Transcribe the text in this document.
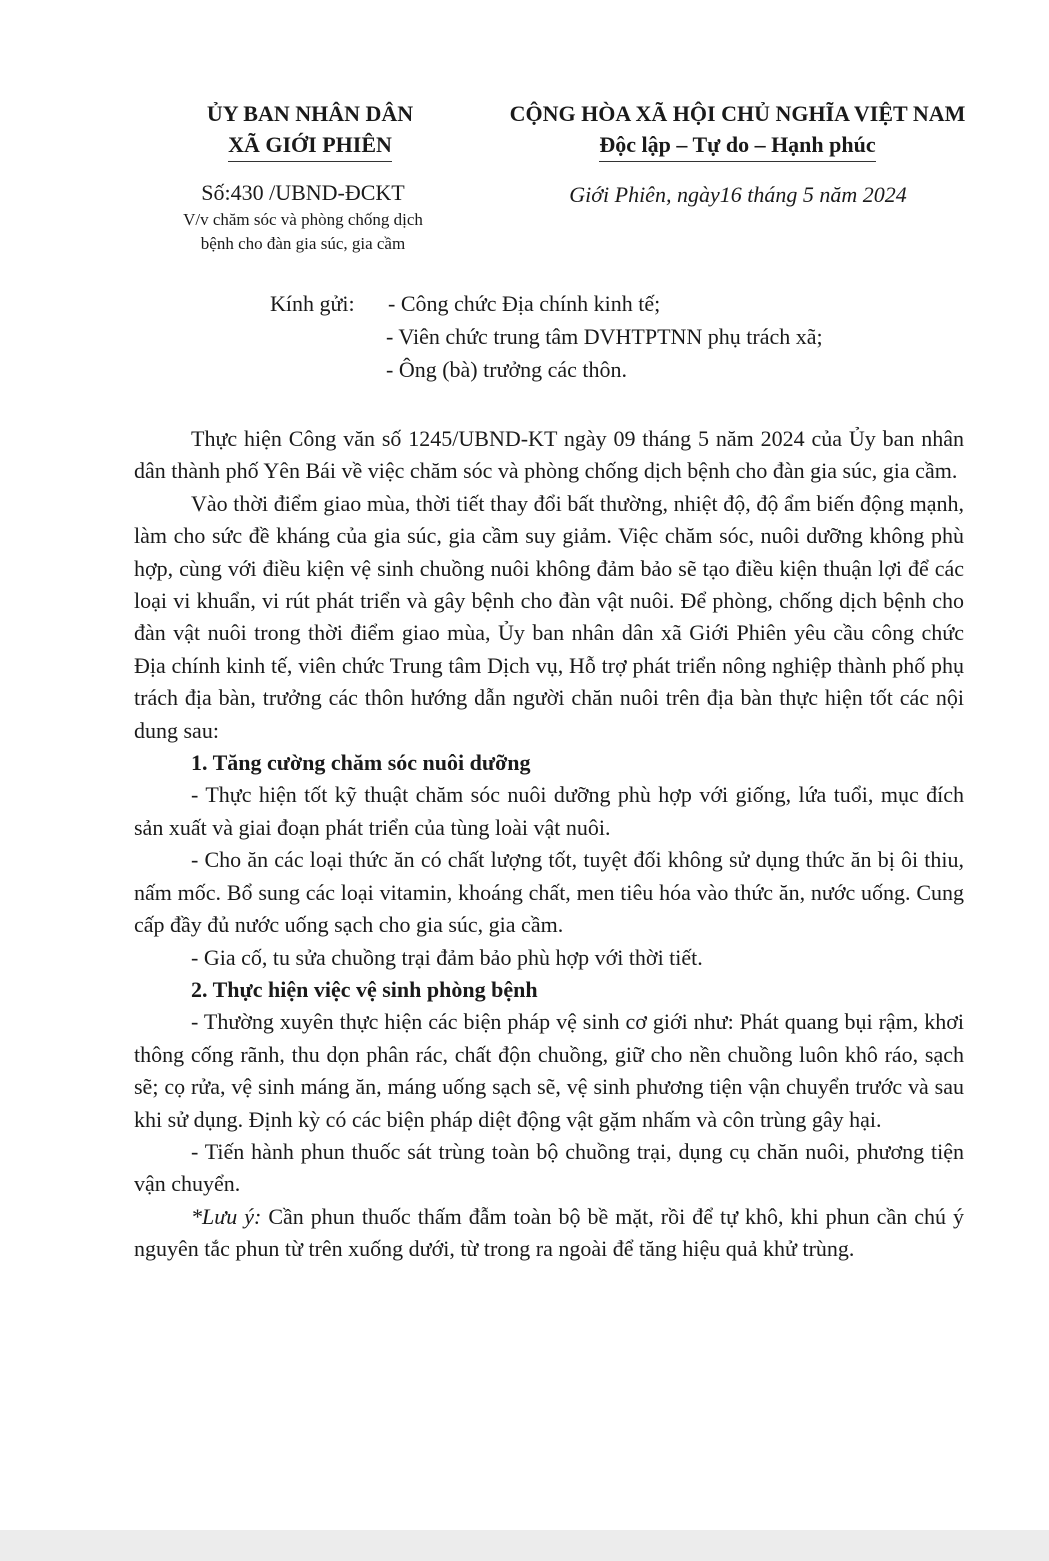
ỦY BAN NHÂN DÂN
XÃ GIỚI PHIÊN
CỘNG HÒA XÃ HỘI CHỦ NGHĨA VIỆT NAM
Độc lập – Tự do – Hạnh phúc
Số:430 /UBND-ĐCKT
V/v chăm sóc và phòng chống dịch
bệnh cho đàn gia súc, gia cầm
Giới Phiên, ngày16 tháng 5 năm 2024
Kính gửi: - Công chức Địa chính kinh tế;
- Viên chức trung tâm DVHTPTNN phụ trách xã;
- Ông (bà) trưởng các thôn.

Thực hiện Công văn số 1245/UBND-KT ngày 09 tháng 5 năm 2024 của Ủy ban nhân dân thành phố Yên Bái về việc chăm sóc và phòng chống dịch bệnh cho đàn gia súc, gia cầm.

Vào thời điểm giao mùa, thời tiết thay đổi bất thường, nhiệt độ, độ ẩm biến động mạnh, làm cho sức đề kháng của gia súc, gia cầm suy giảm. Việc chăm sóc, nuôi dưỡng không phù hợp, cùng với điều kiện vệ sinh chuồng nuôi không đảm bảo sẽ tạo điều kiện thuận lợi để các loại vi khuẩn, vi rút phát triển và gây bệnh cho đàn vật nuôi. Để phòng, chống dịch bệnh cho đàn vật nuôi trong thời điểm giao mùa, Ủy ban nhân dân xã Giới Phiên yêu cầu công chức Địa chính kinh tế, viên chức Trung tâm Dịch vụ, Hỗ trợ phát triển nông nghiệp thành phố phụ trách địa bàn, trưởng các thôn hướng dẫn người chăn nuôi trên địa bàn thực hiện tốt các nội dung sau:

1. Tăng cường chăm sóc nuôi dưỡng

- Thực hiện tốt kỹ thuật chăm sóc nuôi dưỡng phù hợp với giống, lứa tuổi, mục đích sản xuất và giai đoạn phát triển của tùng loài vật nuôi.

- Cho ăn các loại thức ăn có chất lượng tốt, tuyệt đối không sử dụng thức ăn bị ôi thiu, nấm mốc. Bổ sung các loại vitamin, khoáng chất, men tiêu hóa vào thức ăn, nước uống. Cung cấp đầy đủ nước uống sạch cho gia súc, gia cầm.

- Gia cố, tu sửa chuồng trại đảm bảo phù hợp với thời tiết.

2. Thực hiện việc vệ sinh phòng bệnh

- Thường xuyên thực hiện các biện pháp vệ sinh cơ giới như: Phát quang bụi rậm, khơi thông cống rãnh, thu dọn phân rác, chất độn chuồng, giữ cho nền chuồng luôn khô ráo, sạch sẽ; cọ rửa, vệ sinh máng ăn, máng uống sạch sẽ, vệ sinh phương tiện vận chuyển trước và sau khi sử dụng. Định kỳ có các biện pháp diệt động vật gặm nhấm và côn trùng gây hại.

- Tiến hành phun thuốc sát trùng toàn bộ chuồng trại, dụng cụ chăn nuôi, phương tiện vận chuyển.

*Lưu ý: Cần phun thuốc thấm đẫm toàn bộ bề mặt, rồi để tự khô, khi phun cần chú ý nguyên tắc phun từ trên xuống dưới, từ trong ra ngoài để tăng hiệu quả khử trùng.
